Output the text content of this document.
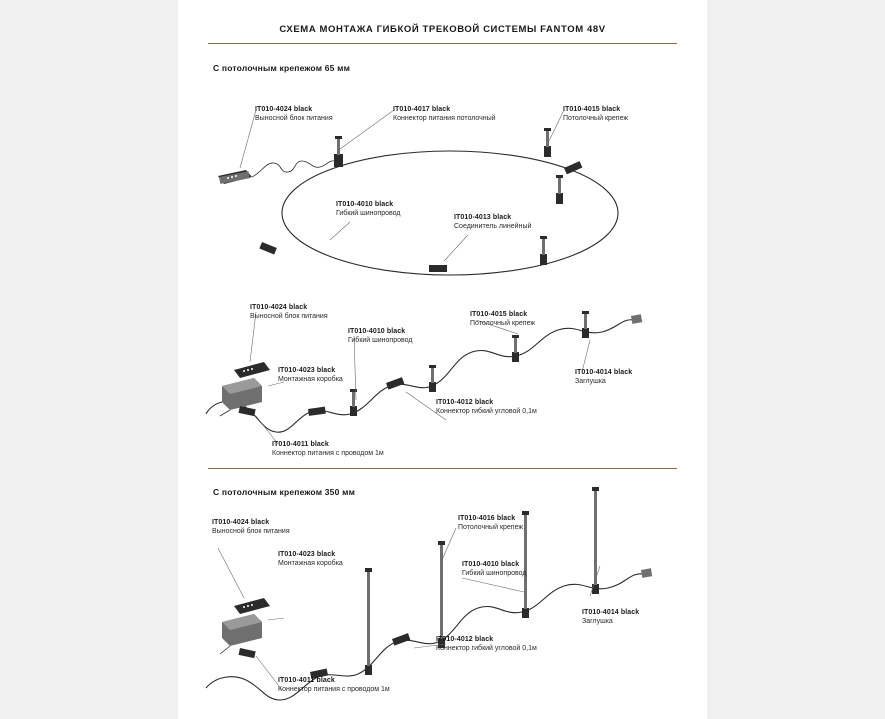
СХЕМА МОНТАЖА ГИБКОЙ ТРЕКОВОЙ СИСТЕМЫ FANTOM 48V
С потолочным крепежом 65 мм
С потолочным крепежом 350 мм
IT010-4024 black
Выносной блок питания
IT010-4017 black
Коннектор питания потолочный
IT010-4015 black
Потолочный крепеж
IT010-4010 black
Гибкий шинопровод
IT010-4013 black
Соединитель линейный
IT010-4024 black
Выносной блок питания
IT010-4010 black
Гибкий шинопровод
IT010-4015 black
Потолочный крепеж
IT010-4023 black
Монтажная коробка
IT010-4014 black
Заглушка
IT010-4012 black
Коннектор гибкий угловой 0,1м
IT010-4011 black
Коннектор питания с проводом 1м
IT010-4024 black
Выносной блок питания
IT010-4016 black
Потолочный крепеж
IT010-4023 black
Монтажная коробка	IT010-4010 black
Гибкий шинопровод
IT010-4014 black
Заглушка
IT010-4012 black
Коннектор гибкий угловой 0,1м
IT010-4011 black
Коннектор питания с проводом 1м
